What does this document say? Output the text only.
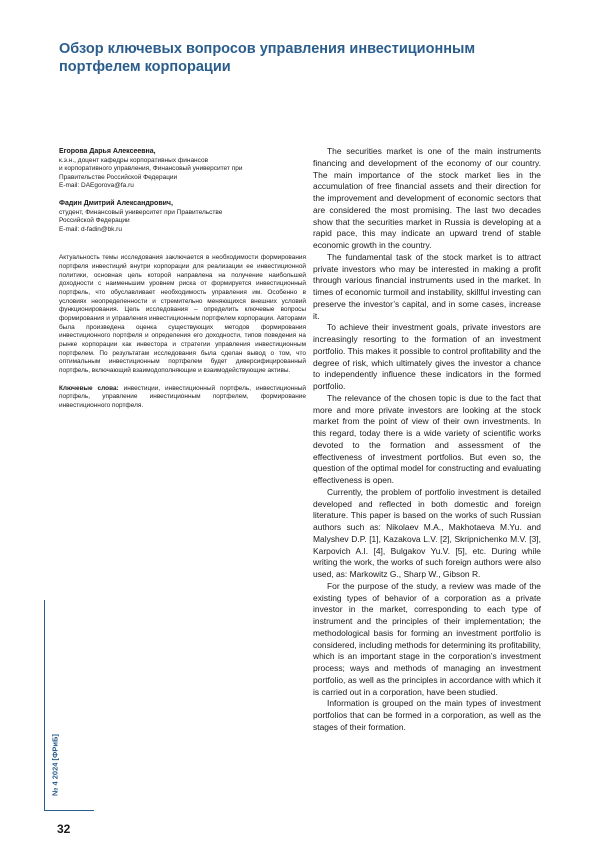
Обзор ключевых вопросов управления инвестиционным портфелем корпорации

Егорова Дарья Алексеевна,

к.э.н., доцент кафедры корпоративных финансов

и корпоративного управления, Финансовый университет при

Правительстве Российской Федерации

E-mail: DAEgorova@fa.ru

Фадин Дмитрий Александрович,

студент, Финансовый университет при Правительстве

Российской Федерации

E-mail: d-fadin@bk.ru

Актуальность темы исследования заключается в необходимости формирования портфеля инвестиций внутри корпорации для реализации ее инвестиционной политики, основная цель которой направлена на получение наибольшей доходности с наименьшим уровнем риска от формируется инвестиционный портфель, что обуславливает необходимость управления им. Особенно в условиях неопределенности и стремительно меняющихся внешних условий функционирования. Цель исследования – определить ключевые вопросы формирования и управления инвестиционным портфелем корпорации. Авторами была произведена оценка существующих методов формирования инвестиционного портфеля и определения его доходности, типов поведения на рынке корпорации как инвестора и стратегии управления инвестиционным портфелем. По результатам исследования была сделан вывод о том, что оптимальным инвестиционным портфелем будет диверсифицированный портфель, включающий взаимодополняющие и взаимодействующие активы.
Ключевые слова: инвестиции, инвестиционный портфель, инвестиционный портфель, управление инвестиционным портфелем, формирование инвестиционного портфеля.

The securities market is one of the main instruments financing and development of the economy of our country. The main importance of the stock market lies in the accumulation of free financial assets and their direction for the improvement and development of economic sectors that are considered the most promising. The last two decades show that the securities market in Russia is developing at a rapid pace, this may indicate an upward trend of stable economic growth in the country.

The fundamental task of the stock market is to attract private investors who may be interested in making a profit through various financial instruments used in the market. In times of economic turmoil and instability, skillful investing can preserve the investor’s capital, and in some cases, increase it.

To achieve their investment goals, private investors are increasingly resorting to the formation of an investment portfolio. This makes it possible to control profitability and the degree of risk, which ultimately gives the investor a chance to independently influence these indicators in the formed portfolio.

The relevance of the chosen topic is due to the fact that more and more private investors are looking at the stock market from the point of view of their own investments. In this regard, today there is a wide variety of scientific works devoted to the formation and assessment of the effectiveness of investment portfolios. But even so, the question of the optimal model for constructing and evaluating effectiveness is open.

Currently, the problem of portfolio investment is detailed developed and reflected in both domestic and foreign literature. This paper is based on the works of such Russian authors such as: Nikolaev M.A., Makhotaeva M.Yu. and Malyshev D.P. [1], Kazakova L.V. [2], Skripnichenko M.V. [3], Karpovich A.I. [4], Bulgakov Yu.V. [5], etc. During while writing the work, the works of such foreign authors were also used, as: Markowitz G., Sharp W., Gibson R.

For the purpose of the study, a review was made of the existing types of behavior of a corporation as a private investor in the market, corresponding to each type of instrument and the principles of their implementation; the methodological basis for forming an investment portfolio is considered, including methods for determining its profitability, which is an important stage in the corporation’s investment process; ways and methods of managing an investment portfolio, as well as the principles in accordance with which it is carried out in a corporation, have been studied.

Information is grouped on the main types of investment portfolios that can be formed in a corporation, as well as the stages of their formation.

№ 4 2024 [ФРиБ]
32
